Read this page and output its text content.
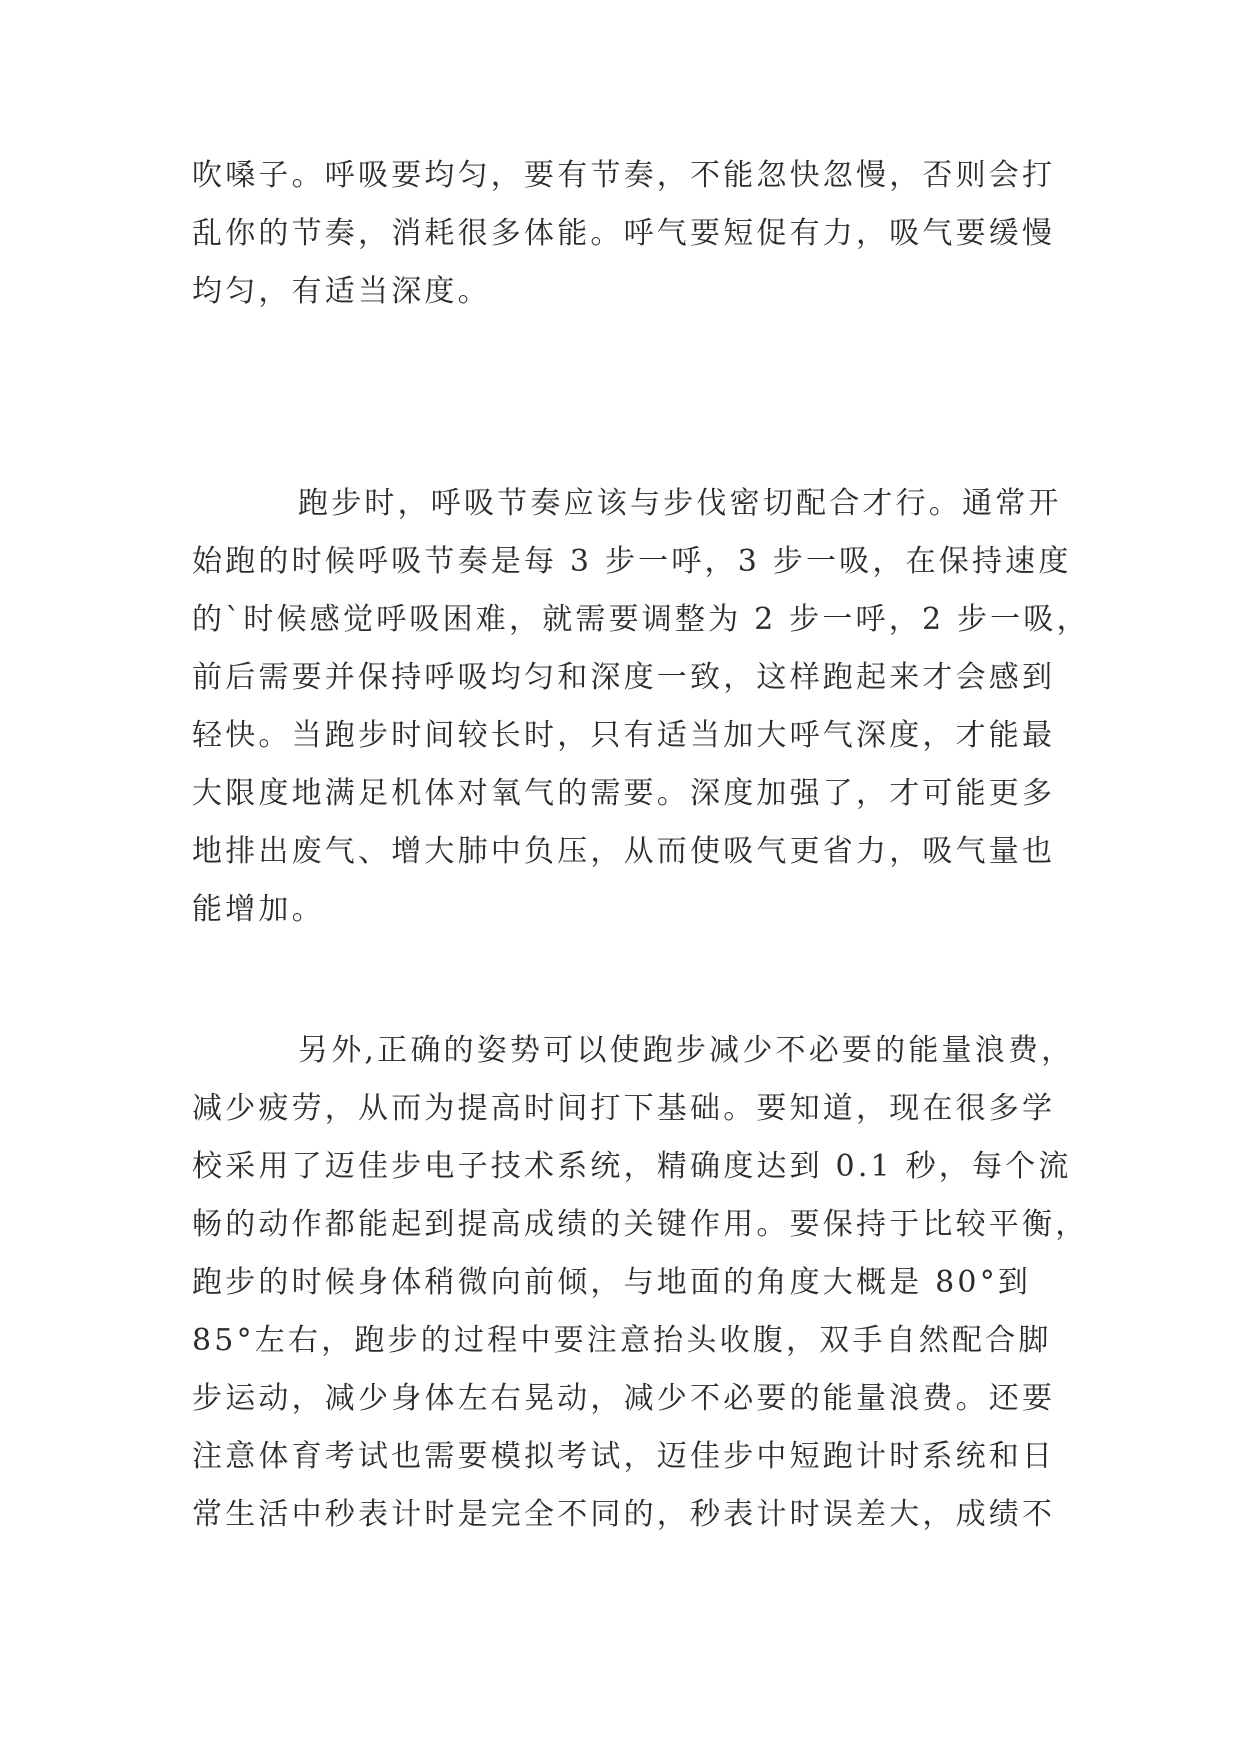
吹嗓子。呼吸要均匀，要有节奏，不能忽快忽慢，否则会打
乱你的节奏，消耗很多体能。呼气要短促有力，吸气要缓慢
均匀，有适当深度。
跑步时，呼吸节奏应该与步伐密切配合才行。通常开
始跑的时候呼吸节奏是每 3 步一呼，3 步一吸，在保持速度
的`时候感觉呼吸困难，就需要调整为 2 步一呼，2 步一吸，
前后需要并保持呼吸均匀和深度一致，这样跑起来才会感到
轻快。当跑步时间较长时，只有适当加大呼气深度，才能最
大限度地满足机体对氧气的需要。深度加强了，才可能更多
地排出废气、增大肺中负压，从而使吸气更省力，吸气量也
能增加。
另外,正确的姿势可以使跑步减少不必要的能量浪费，
减少疲劳，从而为提高时间打下基础。要知道，现在很多学
校采用了迈佳步电子技术系统，精确度达到 0.1 秒，每个流
畅的动作都能起到提高成绩的关键作用。要保持于比较平衡，
跑步的时候身体稍微向前倾，与地面的角度大概是 80°到
85°左右，跑步的过程中要注意抬头收腹，双手自然配合脚
步运动，减少身体左右晃动，减少不必要的能量浪费。还要
注意体育考试也需要模拟考试，迈佳步中短跑计时系统和日
常生活中秒表计时是完全不同的，秒表计时误差大，成绩不
